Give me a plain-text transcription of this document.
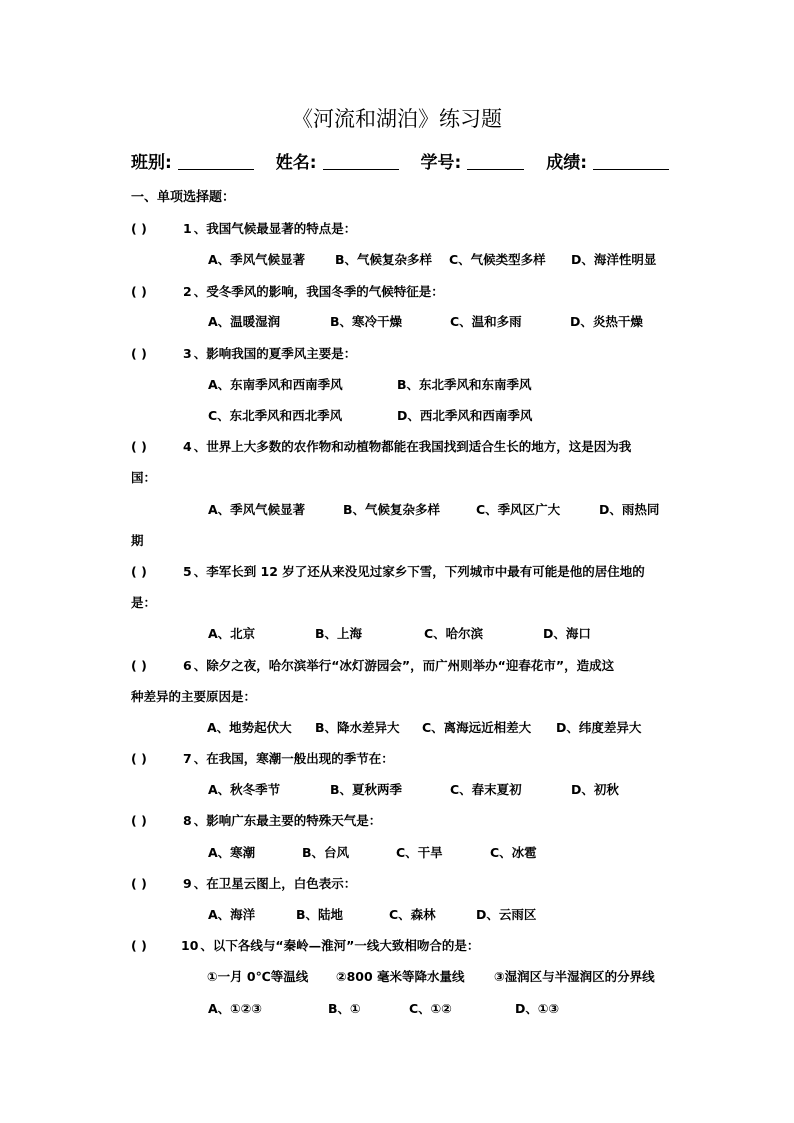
《河流和湖泊》练习题
班别:	姓名:	学号:	成绩:
一、单项选择题：
( )	1 、我国气候最显著的特点是：
A、季风气候显著 B、气候复杂多样 C、气候类型多样 D、海洋性明显
( )	2 、受冬季风的影响，我国冬季的气候特征是：
A、温暖湿润	B、寒冷干燥	C、温和多雨	D、炎热干燥
( )	3 、影响我国的夏季风主要是：
A、东南季风和西南季风	B、东北季风和东南季风
C、东北季风和西北季风	D、西北季风和西南季风
( )	4 、世界上大多数的农作物和动植物都能在我国找到适合生长的地方，这是因为我
国：
A、季风气候显著	B、气候复杂多样	C、季风区广大	D、雨热同
期
( )	5 、李军长到 12 岁了还从来没见过家乡下雪，下列城市中最有可能是他的居住地的
是：
A、北京	B、上海	C、哈尔滨	D、海口
( )	6 、除夕之夜，哈尔滨举行“冰灯游园会”，而广州则举办“迎春花市”，造成这
种差异的主要原因是：
A、地势起伏大 B、降水差异大 C、离海远近相差大 D、纬度差异大
( )	7 、在我国，寒潮一般出现的季节在：
A、秋冬季节	B、夏秋两季	C、春末夏初	D、初秋
( )	8 、影响广东最主要的特殊天气是：
A、寒潮	B、台风	C、干旱	C、冰雹
( )	9 、在卫星云图上，白色表示：
A、海洋	B、陆地	C、森林	D、云雨区
( )	10 、以下各线与“秦岭—淮河”一线大致相吻合的是：
①一月 0℃等温线 ②800 毫米等降水量线 ③湿润区与半湿润区的分界线
A、①②③	B、①	C、①②	D、①③
